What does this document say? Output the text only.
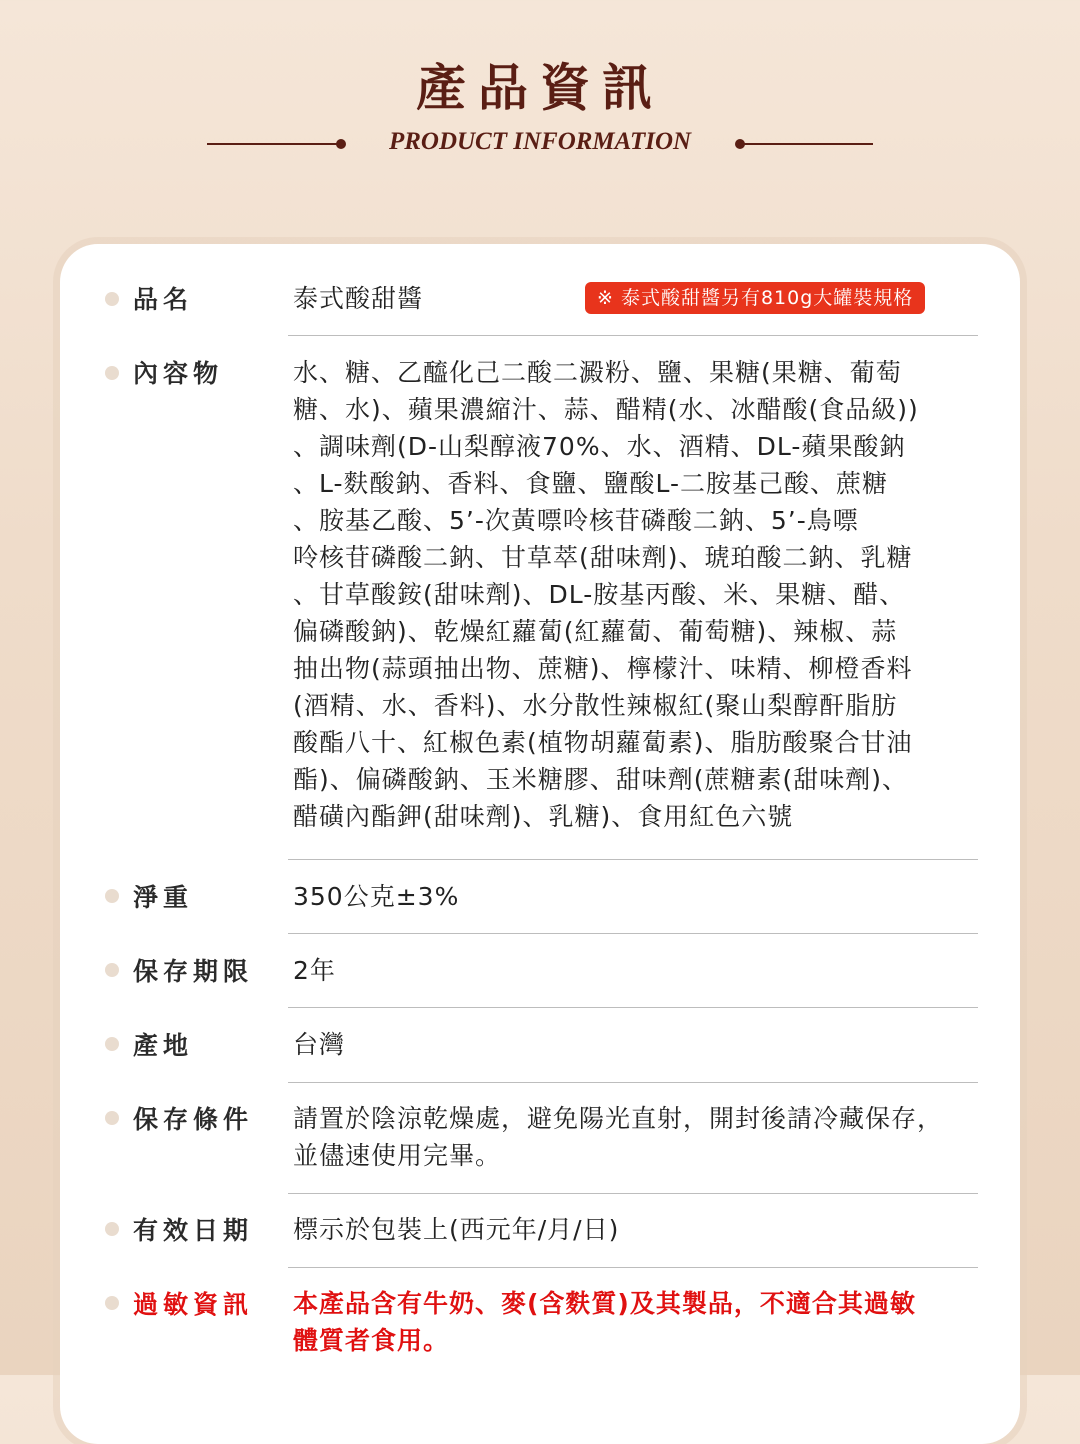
產品資訊
PRODUCT INFORMATION
品名	泰式酸甜醬	※ 泰式酸甜醬另有810g大罐裝規格
內容物	水、糖、乙醯化己二酸二澱粉、鹽、果糖(果糖、葡萄
糖、水)、蘋果濃縮汁、蒜、醋精(水、冰醋酸(食品級))
、調味劑(D-山梨醇液70%、水、酒精、DL-蘋果酸鈉
、L-麩酸鈉、香料、食鹽、鹽酸L-二胺基己酸、蔗糖
、胺基乙酸、5’-次黃嘌呤核苷磷酸二鈉、5’-鳥嘌
呤核苷磷酸二鈉、甘草萃(甜味劑)、琥珀酸二鈉、乳糖
、甘草酸銨(甜味劑)、DL-胺基丙酸、米、果糖、醋、
偏磷酸鈉)、乾燥紅蘿蔔(紅蘿蔔、葡萄糖)、辣椒、蒜
抽出物(蒜頭抽出物、蔗糖)、檸檬汁、味精、柳橙香料
(酒精、水、香料)、水分散性辣椒紅(聚山梨醇酐脂肪
酸酯八十、紅椒色素(植物胡蘿蔔素)、脂肪酸聚合甘油
酯)、偏磷酸鈉、玉米糖膠、甜味劑(蔗糖素(甜味劑)、
醋磺內酯鉀(甜味劑)、乳糖)、食用紅色六號
淨重	350公克±3%
保存期限 2年
產地	台灣
保存條件 請置於陰涼乾燥處，避免陽光直射，開封後請冷藏保存，
並儘速使用完畢。
有效日期 標示於包裝上(西元年/月/日)
過敏資訊 本產品含有牛奶、麥(含麩質)及其製品，不適合其過敏
體質者食用。
